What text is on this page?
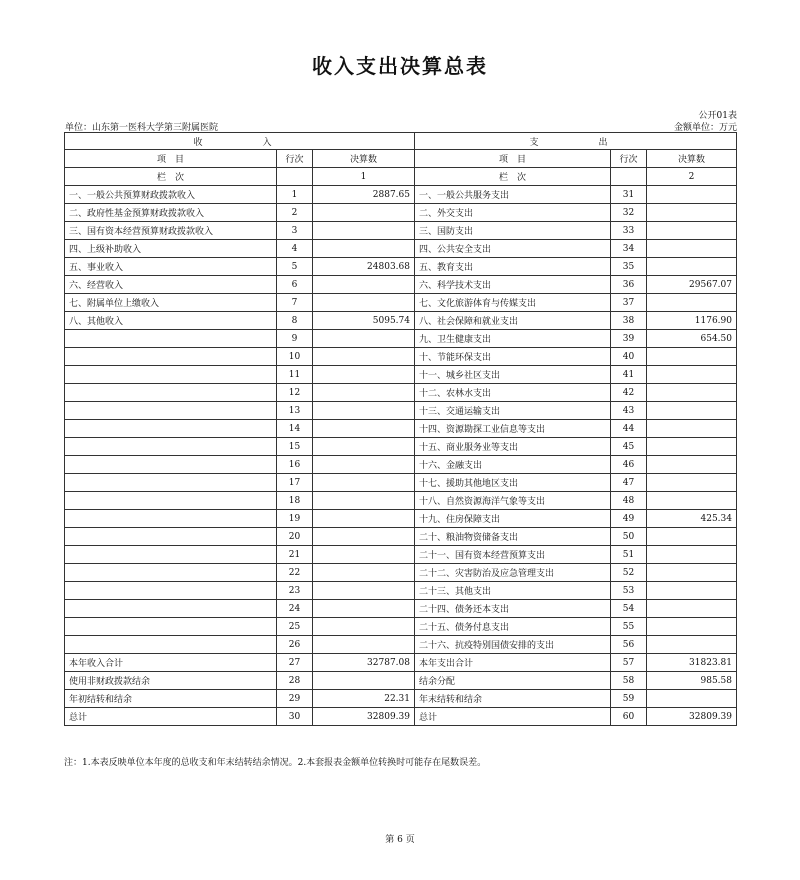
收入支出决算总表
公开01表
单位：山东第一医科大学第三附属医院	金额单位：万元
收　　入			支　　出		
项　目	行次	决算数	项　目	行次	决算数
栏　次		1	栏　次		2
一、一般公共预算财政拨款收入	1	2887.65	一、一般公共服务支出	31	
二、政府性基金预算财政拨款收入	2		二、外交支出	32	
三、国有资本经营预算财政拨款收入	3		三、国防支出	33	
四、上级补助收入	4		四、公共安全支出	34	
五、事业收入	5	24803.68	五、教育支出	35	
六、经营收入	6		六、科学技术支出	36	29567.07
七、附属单位上缴收入	7		七、文化旅游体育与传媒支出	37	
八、其他收入	8	5095.74	八、社会保障和就业支出	38	1176.90
	9		九、卫生健康支出	39	654.50
	10		十、节能环保支出	40	
	11		十一、城乡社区支出	41	
	12		十二、农林水支出	42	
	13		十三、交通运输支出	43	
	14		十四、资源勘探工业信息等支出	44	
	15		十五、商业服务业等支出	45	
	16		十六、金融支出	46	
	17		十七、援助其他地区支出	47	
	18		十八、自然资源海洋气象等支出	48	
	19		十九、住房保障支出	49	425.34
	20		二十、粮油物资储备支出	50	
	21		二十一、国有资本经营预算支出	51	
	22		二十二、灾害防治及应急管理支出	52	
	23		二十三、其他支出	53	
	24		二十四、债务还本支出	54	
	25		二十五、债务付息支出	55	
	26		二十六、抗疫特别国债安排的支出	56	
本年收入合计	27	32787.08	本年支出合计	57	31823.81
使用非财政拨款结余	28		结余分配	58	985.58
年初结转和结余	29	22.31	年末结转和结余	59	
总计	30	32809.39	总计	60	32809.39
注：1.本表反映单位本年度的总收支和年末结转结余情况。2.本套报表金额单位转换时可能存在尾数误差。
第 6 页
